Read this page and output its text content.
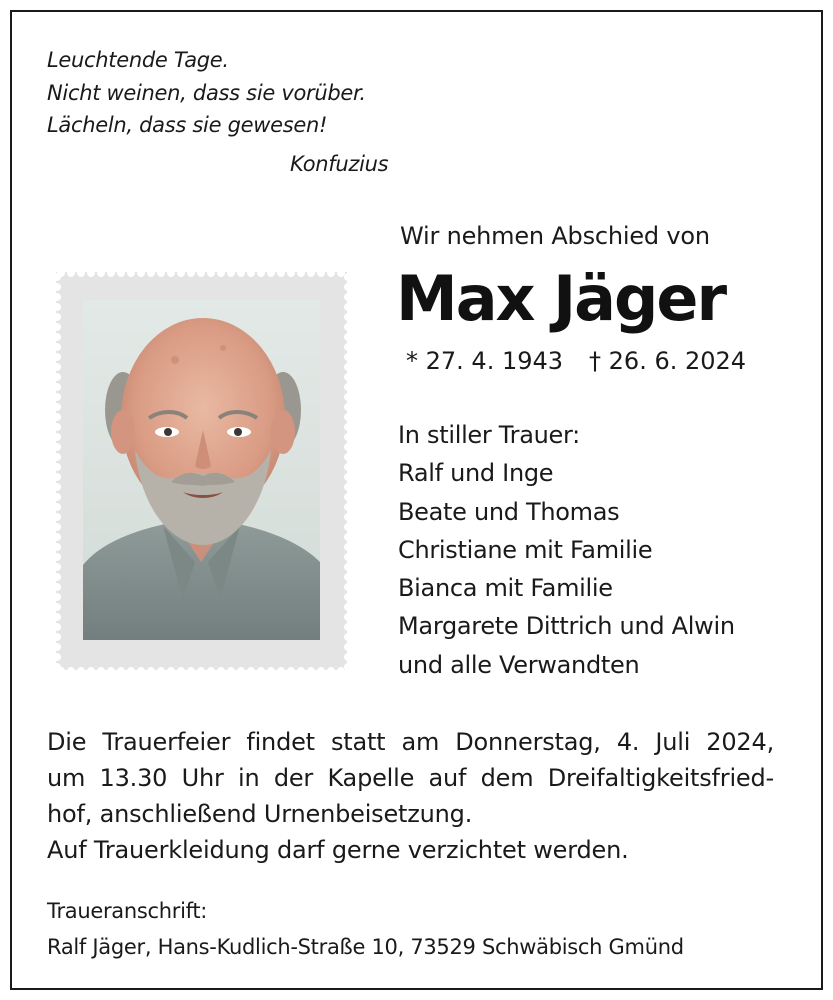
Leuchtende Tage.
Nicht weinen, dass sie vorüber.
Lächeln, dass sie gewesen!
Konfuzius
Wir nehmen Abschied von
Max Jäger
* 27. 4. 1943 † 26. 6. 2024
In stiller Trauer:
Ralf und Inge
Beate und Thomas
Christiane mit Familie
Bianca mit Familie
Margarete Dittrich und Alwin
und alle Verwandten
Die Trauerfeier findet statt am Donnerstag, 4. Juli 2024,
um 13.30 Uhr in der Kapelle auf dem Dreifaltigkeitsfried-
hof, anschließend Urnenbeisetzung.
Auf Trauerkleidung darf gerne verzichtet werden.
Traueranschrift:
Ralf Jäger, Hans-Kudlich-Straße 10, 73529 Schwäbisch Gmünd
